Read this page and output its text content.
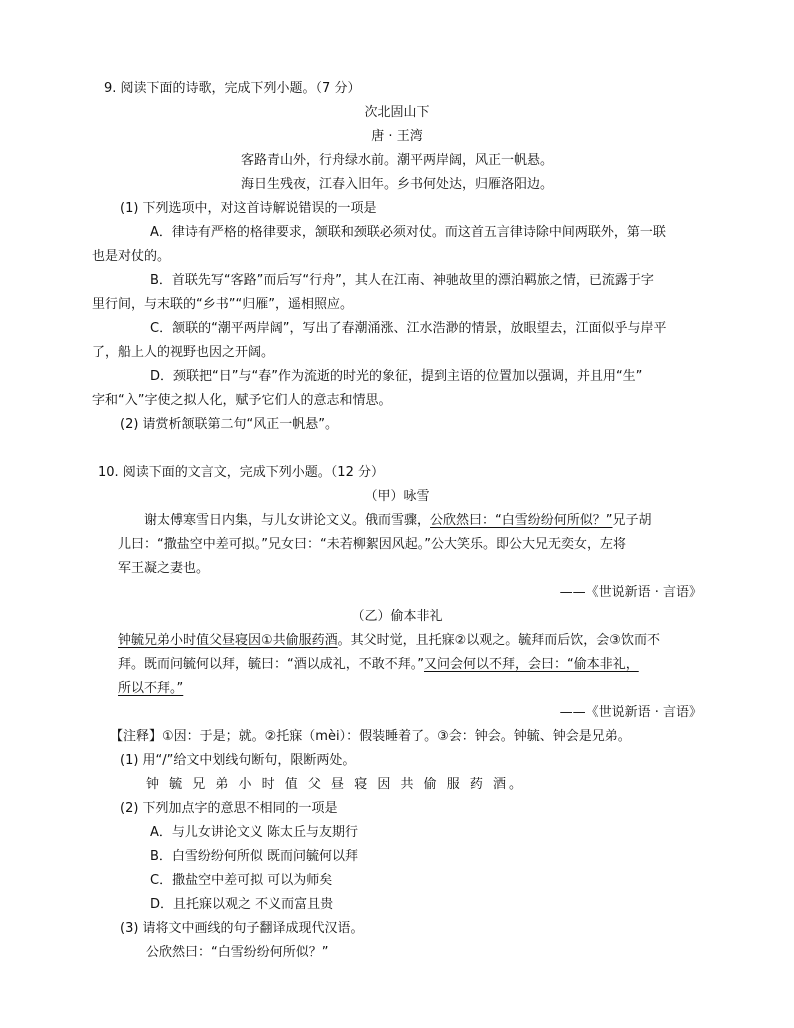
9. 阅读下面的诗歌，完成下列小题。（7 分）
次北固山下
唐 · 王湾
客路青山外，行舟绿水前。潮平两岸阔，风正一帆悬。
海日生残夜，江春入旧年。乡书何处达，归雁洛阳边。
(1) 下列选项中，对这首诗解说错误的一项是
A．律诗有严格的格律要求，颔联和颈联必须对仗。而这首五言律诗除中间两联外，第一联
也是对仗的。
B．首联先写“客路”而后写“行舟”，其人在江南、神驰故里的漂泊羁旅之情，已流露于字
里行间，与末联的“乡书”“归雁”，遥相照应。
C．颔联的“潮平两岸阔”，写出了春潮涌涨、江水浩渺的情景，放眼望去，江面似乎与岸平
了，船上人的视野也因之开阔。
D．颈联把“日”与“春”作为流逝的时光的象征，提到主语的位置加以强调，并且用“生”
字和“入”字使之拟人化，赋予它们人的意志和情思。
(2) 请赏析颔联第二句“风正一帆悬”。
10. 阅读下面的文言文，完成下列小题。（12 分）
（甲）咏雪
谢太傅寒雪日内集，与儿女讲论文义。俄而雪骤，公欣然曰：“白雪纷纷何所似？”兄子胡
儿曰：“撒盐空中差可拟。”兄女曰：“未若柳絮因风起。”公大笑乐。即公大兄无奕女，左将
军王凝之妻也。
——《世说新语 · 言语》
（乙）偷本非礼
钟毓兄弟小时值父昼寝因①共偷服药酒。其父时觉，且托寐②以观之。毓拜而后饮，会③饮而不
拜。既而问毓何以拜，毓曰：“酒以成礼，不敢不拜。”又问会何以不拜，会曰：“偷本非礼，
所以不拜。”
——《世说新语 · 言语》
【注释】①因：于是；就。②托寐（mèi）：假装睡着了。③会：钟会。钟毓、钟会是兄弟。
(1) 用“/”给文中划线句断句，限断两处。
钟 毓 兄 弟 小 时 值 父 昼 寝 因 共 偷 服 药 酒。
(2) 下列加点字的意思不相同的一项是
A．与儿女讲论文义 陈太丘与友期行
B．白雪纷纷何所似 既而问毓何以拜
C．撒盐空中差可拟 可以为师矣
D．且托寐以观之 不义而富且贵
(3) 请将文中画线的句子翻译成现代汉语。
公欣然曰：“白雪纷纷何所似？”
